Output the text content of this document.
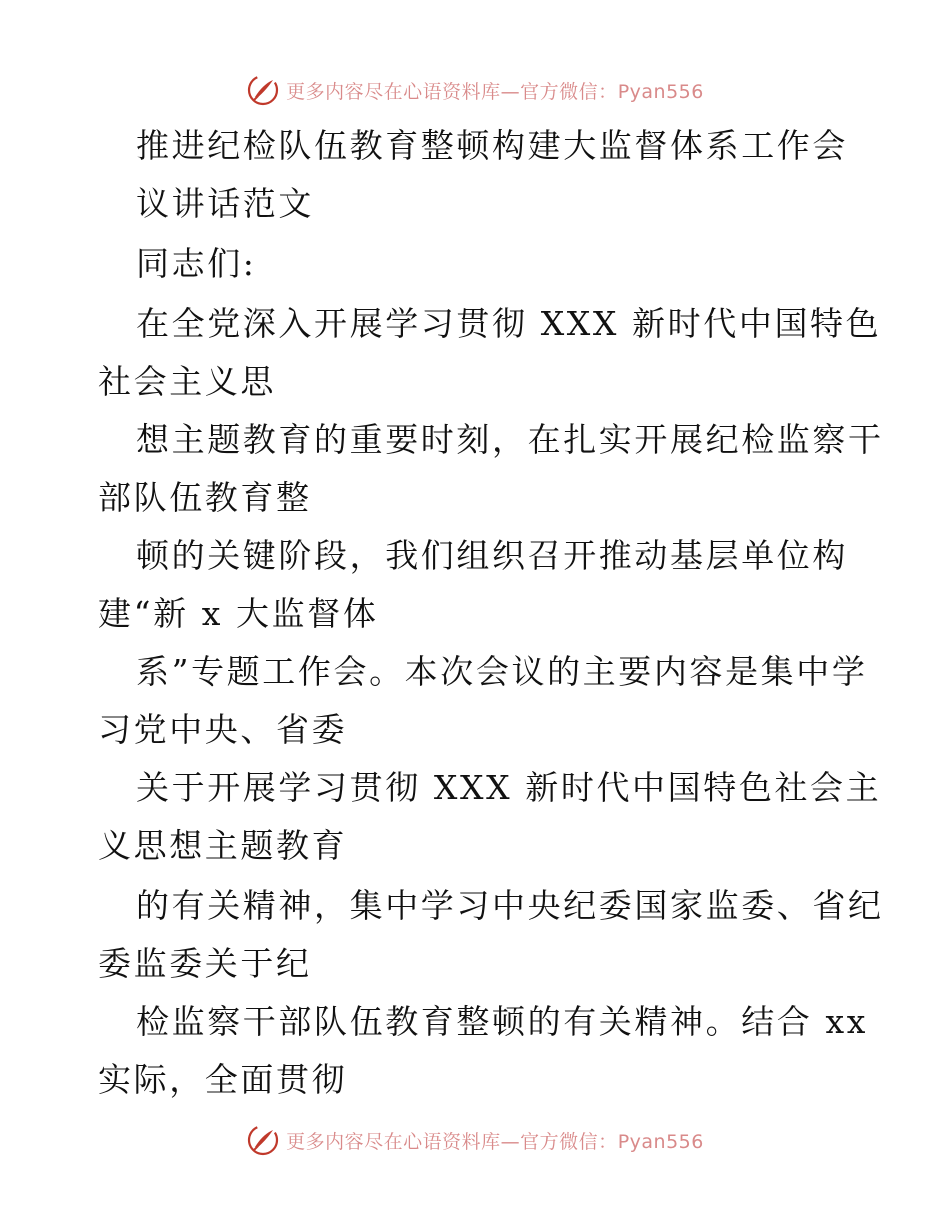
更多内容尽在心语资料库—官方微信：Pyan556
推进纪检队伍教育整顿构建大监督体系工作会
议讲话范文
同志们:
在全党深入开展学习贯彻 XXX 新时代中国特色
社会主义思
想主题教育的重要时刻，在扎实开展纪检监察干
部队伍教育整
顿的关键阶段，我们组织召开推动基层单位构
建“新 x 大监督体
系”专题工作会。本次会议的主要内容是集中学
习党中央、省委
关于开展学习贯彻 XXX 新时代中国特色社会主
义思想主题教育
的有关精神，集中学习中央纪委国家监委、省纪
委监委关于纪
检监察干部队伍教育整顿的有关精神。结合 xx
实际，全面贯彻
更多内容尽在心语资料库—官方微信：Pyan556
